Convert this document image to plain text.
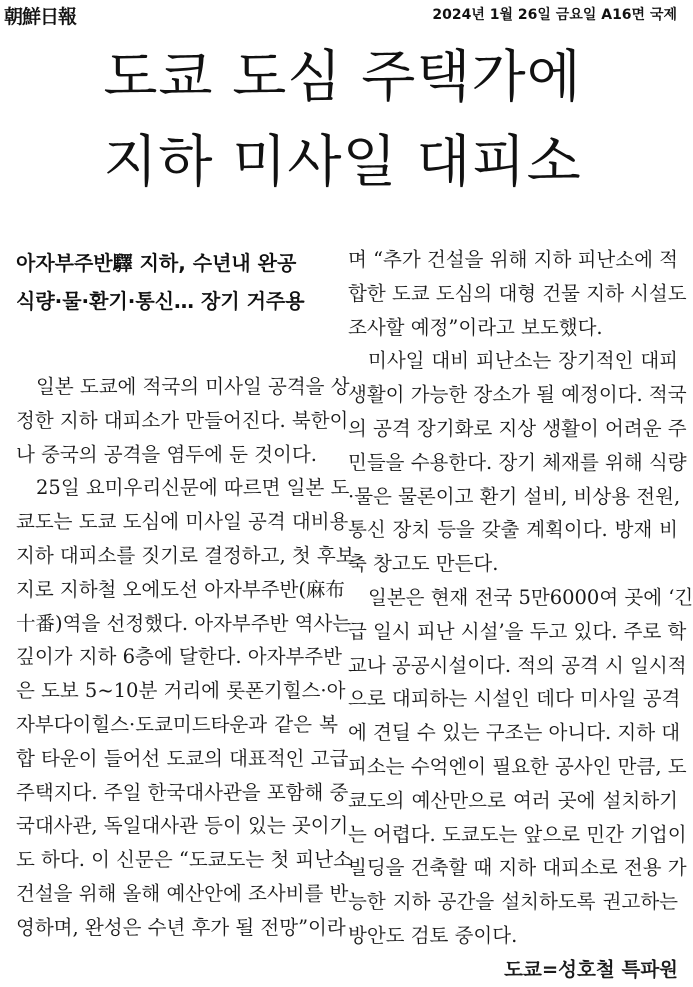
朝鮮日報	2024년 1월 26일 금요일 A16면 국제
도쿄 도심 주택가에
지하 미사일 대피소
아자부주반驛 지하, 수년내 완공
식량·물·환기·통신… 장기 거주용
일본 도쿄에 적국의 미사일 공격을 상
정한 지하 대피소가 만들어진다. 북한이
나 중국의 공격을 염두에 둔 것이다.
25일 요미우리신문에 따르면 일본 도
쿄도는 도쿄 도심에 미사일 공격 대비용
지하 대피소를 짓기로 결정하고, 첫 후보
지로 지하철 오에도선 아자부주반(麻布
十番)역을 선정했다. 아자부주반 역사는
깊이가 지하 6층에 달한다. 아자부주반
은 도보 5~10분 거리에 롯폰기힐스·아
자부다이힐스·도쿄미드타운과 같은 복
합 타운이 들어선 도쿄의 대표적인 고급
주택지다. 주일 한국대사관을 포함해 중
국대사관, 독일대사관 등이 있는 곳이기
도 하다. 이 신문은 “도쿄도는 첫 피난소
건설을 위해 올해 예산안에 조사비를 반
영하며, 완성은 수년 후가 될 전망”이라
며 “추가 건설을 위해 지하 피난소에 적
합한 도쿄 도심의 대형 건물 지하 시설도
조사할 예정”이라고 보도했다.
미사일 대비 피난소는 장기적인 대피
생활이 가능한 장소가 될 예정이다. 적국
의 공격 장기화로 지상 생활이 어려운 주
민들을 수용한다. 장기 체재를 위해 식량
·물은 물론이고 환기 설비, 비상용 전원,
통신 장치 등을 갖출 계획이다. 방재 비
축 창고도 만든다.
일본은 현재 전국 5만6000여 곳에 ‘긴
급 일시 피난 시설’을 두고 있다. 주로 학
교나 공공시설이다. 적의 공격 시 일시적
으로 대피하는 시설인 데다 미사일 공격
에 견딜 수 있는 구조는 아니다. 지하 대
피소는 수억엔이 필요한 공사인 만큼, 도
쿄도의 예산만으로 여러 곳에 설치하기
는 어렵다. 도쿄도는 앞으로 민간 기업이
빌딩을 건축할 때 지하 대피소로 전용 가
능한 지하 공간을 설치하도록 권고하는
방안도 검토 중이다.
도쿄=성호철 특파원
